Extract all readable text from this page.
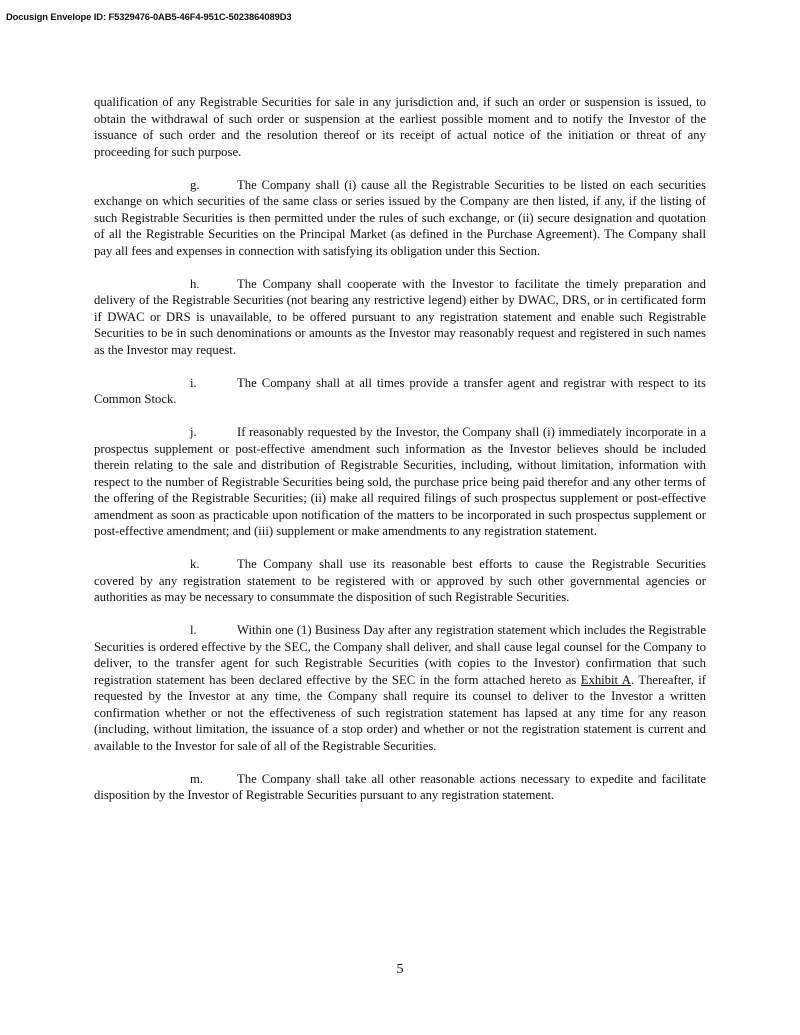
Docusign Envelope ID: F5329476-0AB5-46F4-951C-5023864089D3

qualification of any Registrable Securities for sale in any jurisdiction and, if such an order or suspension is issued, to obtain the withdrawal of such order or suspension at the earliest possible moment and to notify the Investor of the issuance of such order and the resolution thereof or its receipt of actual notice of the initiation or threat of any proceeding for such purpose.

g.	The Company shall (i) cause all the Registrable Securities to be listed on each securities exchange on which securities of the same class or series issued by the Company are then listed, if any, if the listing of such Registrable Securities is then permitted under the rules of such exchange, or (ii) secure designation and quotation of all the Registrable Securities on the Principal Market (as defined in the Purchase Agreement). The Company shall pay all fees and expenses in connection with satisfying its obligation under this Section.

h.	The Company shall cooperate with the Investor to facilitate the timely preparation and delivery of the Registrable Securities (not bearing any restrictive legend) either by DWAC, DRS, or in certificated form if DWAC or DRS is unavailable, to be offered pursuant to any registration statement and enable such Registrable Securities to be in such denominations or amounts as the Investor may reasonably request and registered in such names as the Investor may request.

i.	The Company shall at all times provide a transfer agent and registrar with respect to its Common Stock.

j.	If reasonably requested by the Investor, the Company shall (i) immediately incorporate in a prospectus supplement or post-effective amendment such information as the Investor believes should be included therein relating to the sale and distribution of Registrable Securities, including, without limitation, information with respect to the number of Registrable Securities being sold, the purchase price being paid therefor and any other terms of the offering of the Registrable Securities; (ii) make all required filings of such prospectus supplement or post-effective amendment as soon as practicable upon notification of the matters to be incorporated in such prospectus supplement or post-effective amendment; and (iii) supplement or make amendments to any registration statement.

k.	The Company shall use its reasonable best efforts to cause the Registrable Securities covered by any registration statement to be registered with or approved by such other governmental agencies or authorities as may be necessary to consummate the disposition of such Registrable Securities.

l.	Within one (1) Business Day after any registration statement which includes the Registrable Securities is ordered effective by the SEC, the Company shall deliver, and shall cause legal counsel for the Company to deliver, to the transfer agent for such Registrable Securities (with copies to the Investor) confirmation that such registration statement has been declared effective by the SEC in the form attached hereto as Exhibit A. Thereafter, if requested by the Investor at any time, the Company shall require its counsel to deliver to the Investor a written confirmation whether or not the effectiveness of such registration statement has lapsed at any time for any reason (including, without limitation, the issuance of a stop order) and whether or not the registration statement is current and available to the Investor for sale of all of the Registrable Securities.

m.	The Company shall take all other reasonable actions necessary to expedite and facilitate disposition by the Investor of Registrable Securities pursuant to any registration statement.

5
